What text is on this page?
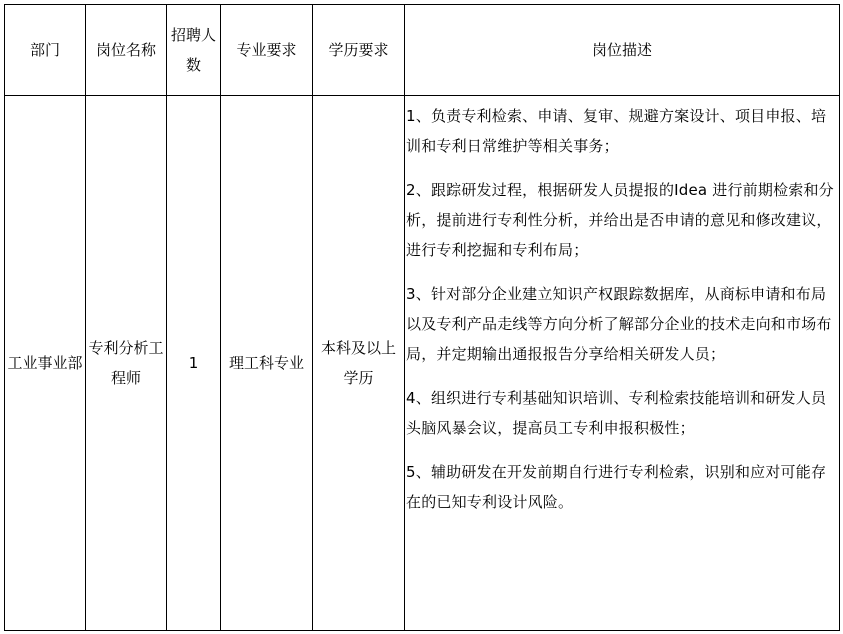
部门	岗位名称	招聘人数	专业要求	学历要求	岗位描述
工业事业部	专利分析工程师	1	理工科专业	本科及以上学历	1、负责专利检索、申请、复审、规避方案设计、项目申报、培训和专利日常维护等相关事务；
2、跟踪研发过程，根据研发人员提报的Idea 进行前期检索和分析，提前进行专利性分析，并给出是否申请的意见和修改建议，进行专利挖掘和专利布局；
3、针对部分企业建立知识产权跟踪数据库，从商标申请和布局以及专利产品走线等方向分析了解部分企业的技术走向和市场布局，并定期输出通报报告分享给相关研发人员；
4、组织进行专利基础知识培训、专利检索技能培训和研发人员头脑风暴会议，提高员工专利申报积极性；
5、辅助研发在开发前期自行进行专利检索，识别和应对可能存在的已知专利设计风险。
